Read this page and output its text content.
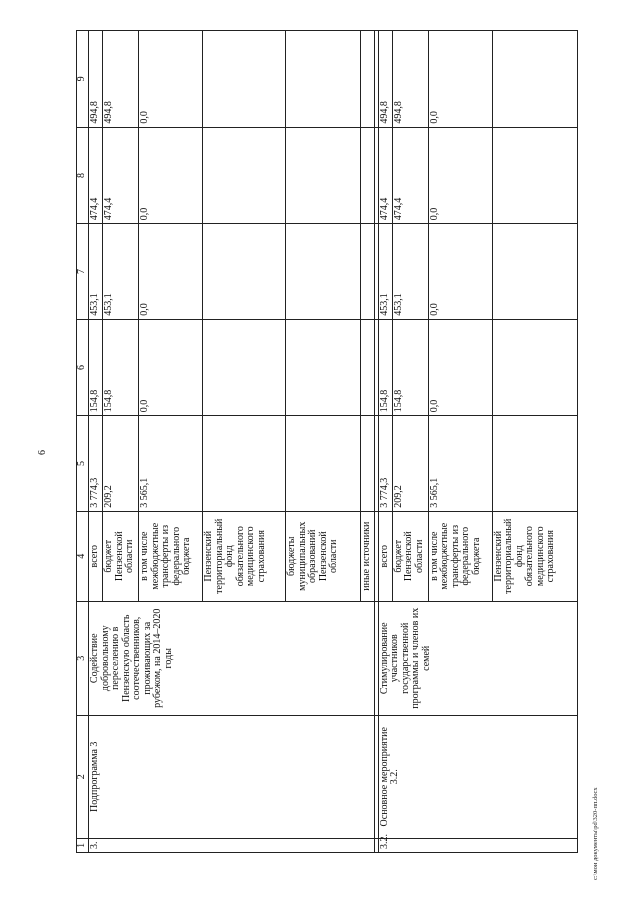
6
1	2	3	4	5	6	7	8	9
3.	Подпрограмма 3	Содействие добровольному переселению в Пензенскую область соотечественников, проживающих за рубежом, на 2014–2020 годы	всего	3 774,3	154,8	453,1	474,4	494,8
			бюджет Пензенской области	209,2	154,8	453,1	474,4	494,8
			в том числе межбюджетные трансферты из федерального бюджета	3 565,1	0,0	0,0	0,0	0,0
			Пензенский территориальный фонд обязательного медицинского страхования					
			бюджеты муниципальных образований Пензенской области					
			иные источники					

3.2.	Основное мероприятие 3.2.	Стимулирование участников государственной программы и членов их семей	всего	3 774,3	154,8	453,1	474,4	494,8
			бюджет Пензенской области	209,2	154,8	453,1	474,4	494,8
			в том числе межбюджетные трансферты из федерального бюджета	3 565,1	0,0	0,0	0,0	0,0
			Пензенский территориальный фонд обязательного медицинского страхования					
c:\мои документы\pd\320-пп.docx
